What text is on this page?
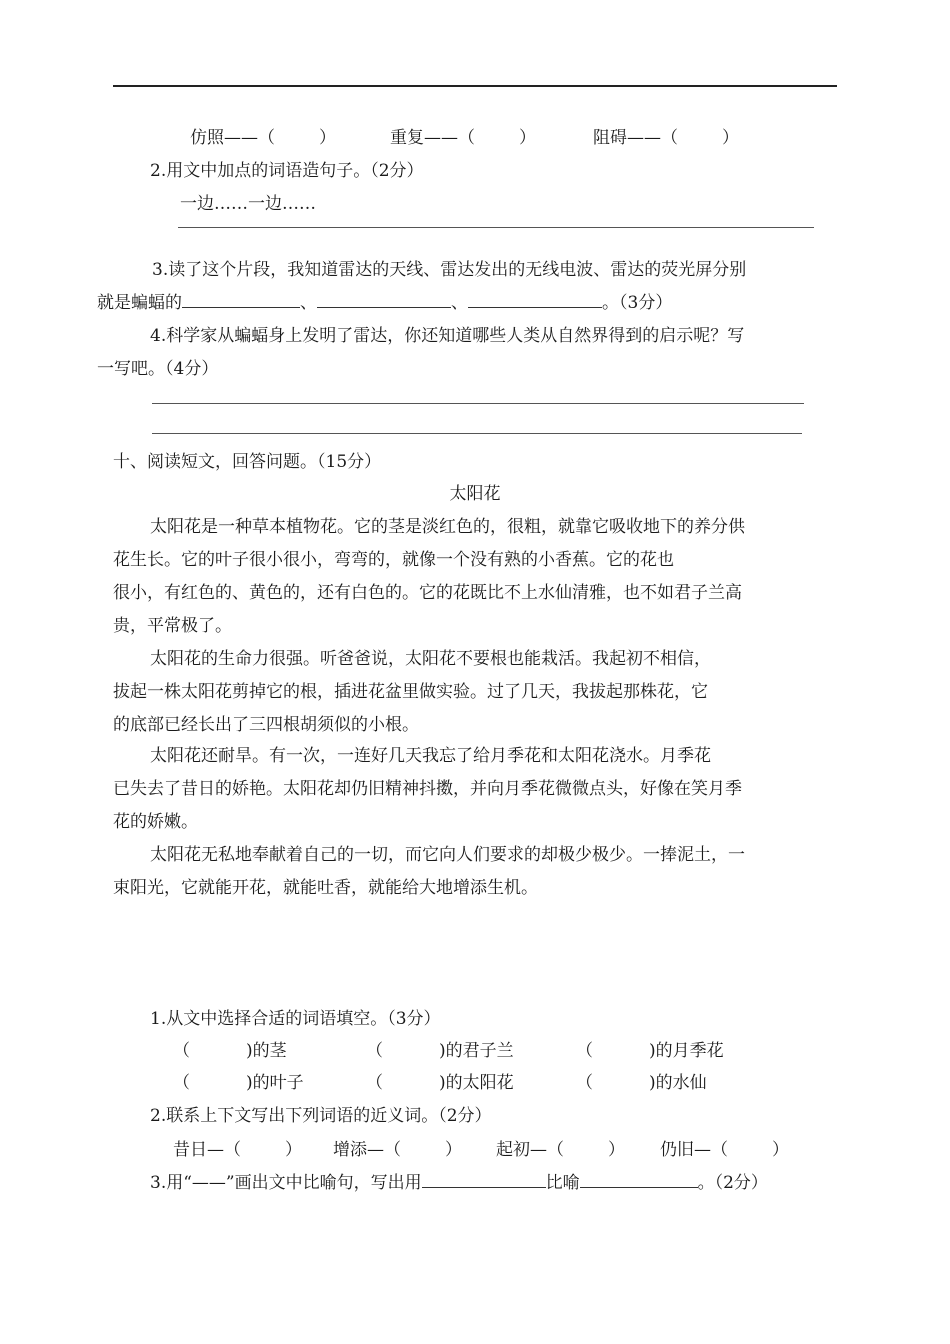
仿照——（	）	重复——（	）	阻碍——（	）
2.用文中加点的词语造句子。（2分）
一边……一边……
3.读了这个片段，我知道雷达的天线、雷达发出的无线电波、雷达的荧光屏分别
就是蝙蝠的	、	、	。（3分）
4.科学家从蝙蝠身上发明了雷达，你还知道哪些人类从自然界得到的启示呢？写
一写吧。（4分）
十、阅读短文，回答问题。（15分）
太阳花
太阳花是一种草本植物花。它的茎是淡红色的，很粗，就靠它吸收地下的养分供
花生长。它的叶子很小很小，弯弯的，就像一个没有熟的小香蕉。它的花也
很小，有红色的、黄色的，还有白色的。它的花既比不上水仙清雅，也不如君子兰高
贵，平常极了。
太阳花的生命力很强。听爸爸说，太阳花不要根也能栽活。我起初不相信，
拔起一株太阳花剪掉它的根，插进花盆里做实验。过了几天，我拔起那株花，它
的底部已经长出了三四根胡须似的小根。
太阳花还耐旱。有一次，一连好几天我忘了给月季花和太阳花浇水。月季花
已失去了昔日的娇艳。太阳花却仍旧精神抖擞，并向月季花微微点头，好像在笑月季
花的娇嫩。
太阳花无私地奉献着自己的一切，而它向人们要求的却极少极少。一捧泥土，一
束阳光，它就能开花，就能吐香，就能给大地增添生机。
1.从文中选择合适的词语填空。（3分）
（	)的茎	（	)的君子兰	（	)的月季花
（	)的叶子	（	)的太阳花	（	)的水仙
2.联系上下文写出下列词语的近义词。（2分）
昔日—（	） 增添—（	） 起初—（	） 仍旧—（	）
3.用“——”画出文中比喻句，写出用	比喻	。（2分）
